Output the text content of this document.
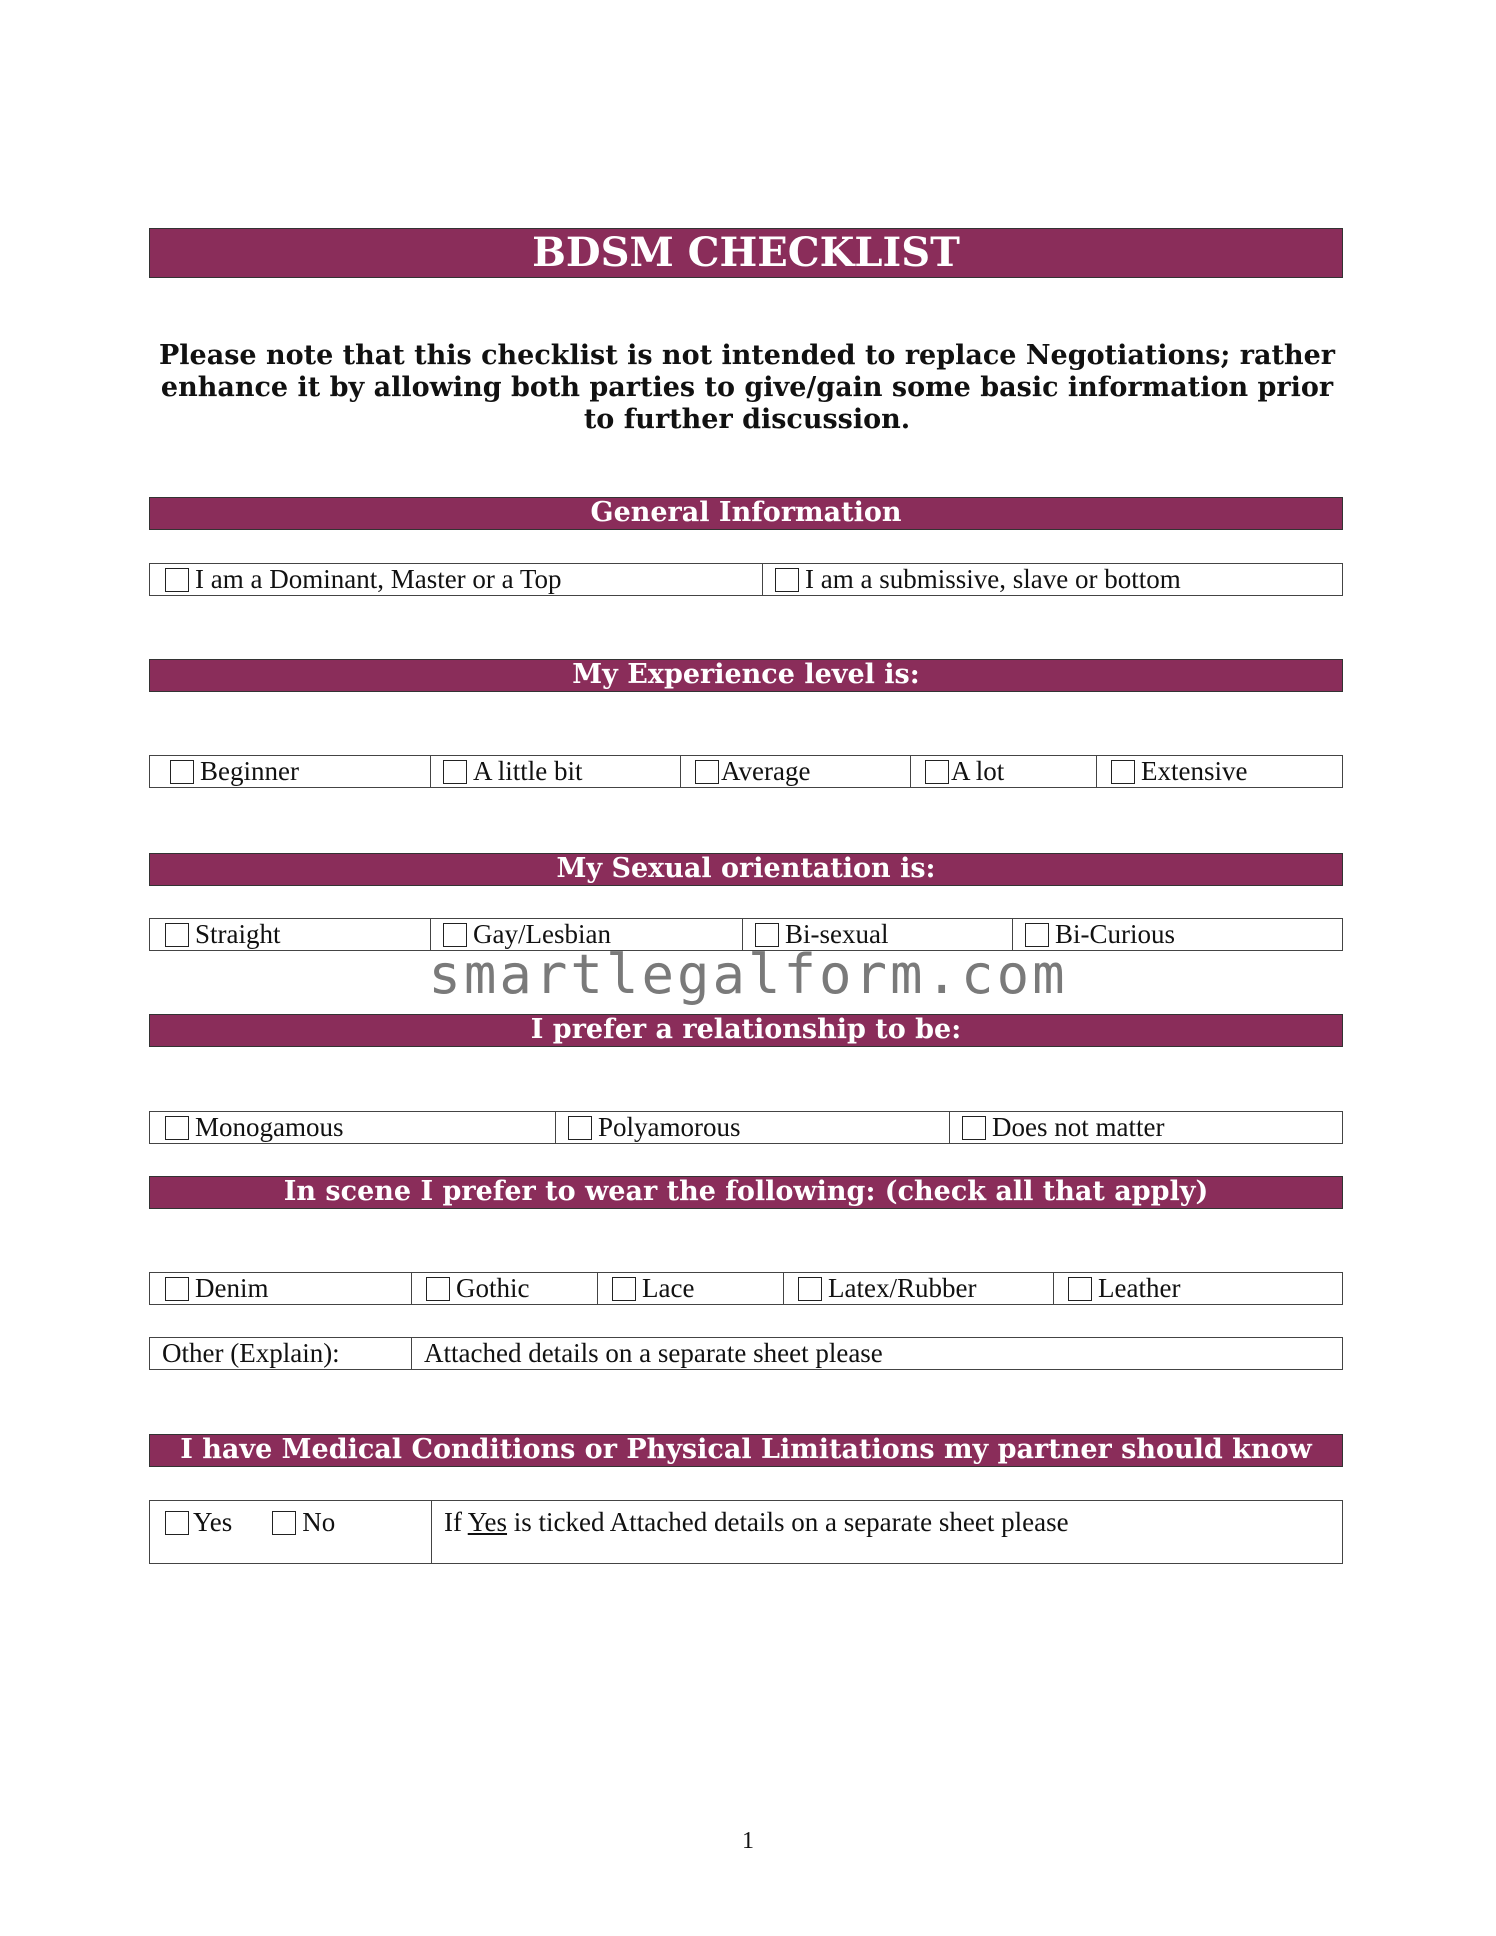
BDSM CHECKLIST
Please note that this checklist is not intended to replace Negotiations; rather enhance it by allowing both parties to give/gain some basic information prior to further discussion.
General Information
I am a Dominant, Master or a Top	I am a submissive, slave or bottom
My Experience level is:
Beginner	A little bit	Average	A lot	Extensive
My Sexual orientation is:
Straight	Gay/Lesbian	Bi-sexual	Bi-Curious
smartlegalform.com
I prefer a relationship to be:
Monogamous	Polyamorous	Does not matter
In scene I prefer to wear the following: (check all that apply)
Denim	Gothic	Lace	Latex/Rubber	Leather
Other (Explain):	Attached details on a separate sheet please
I have Medical Conditions or Physical Limitations my partner should know about
Yes	No	If Yes is ticked Attached details on a separate sheet please
1
